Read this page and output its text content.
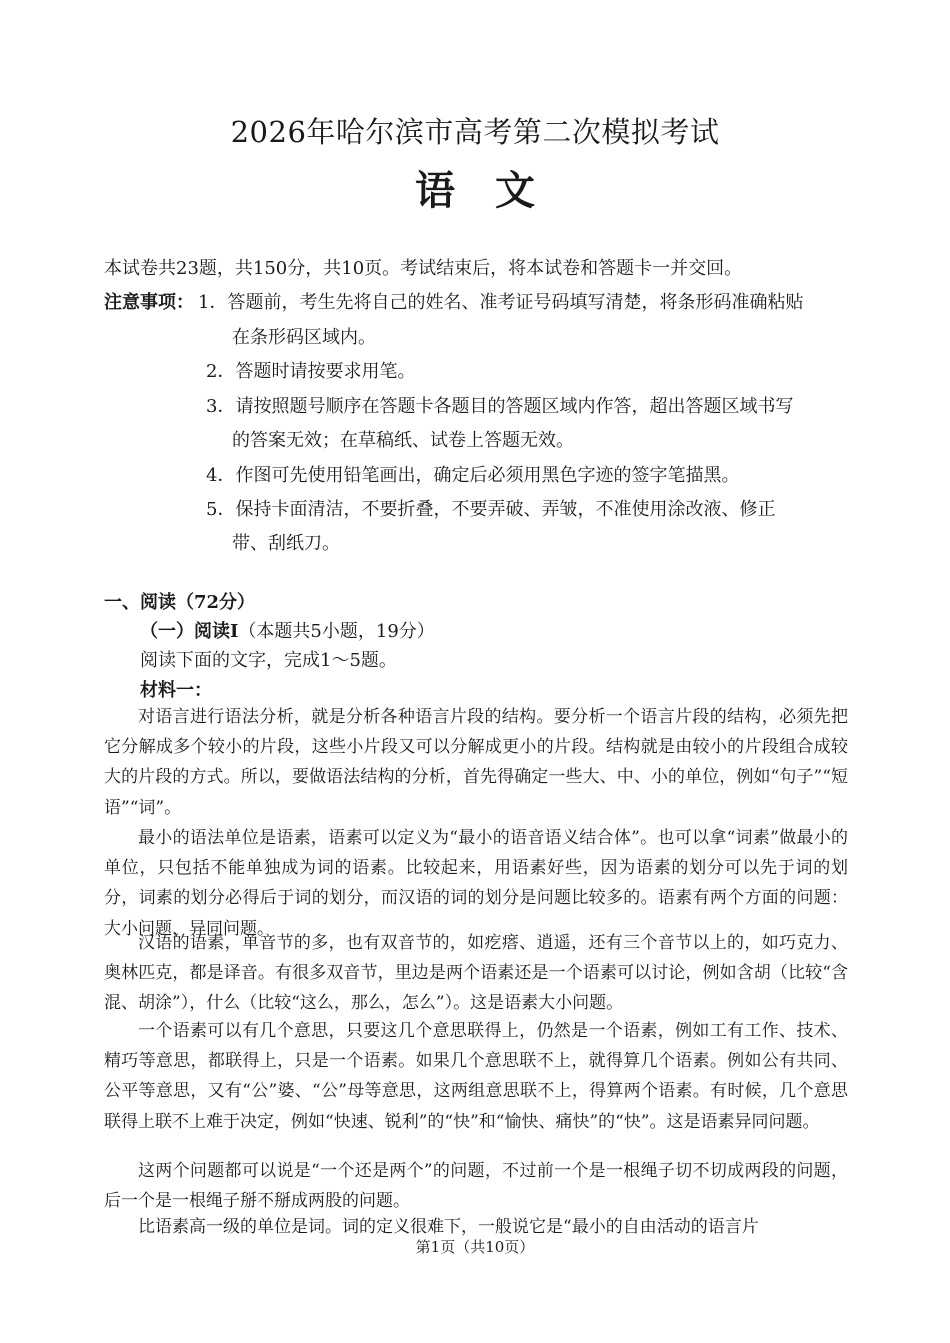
2026年哈尔滨市高考第二次模拟考试
语文
本试卷共23题，共150分，共10页。考试结束后，将本试卷和答题卡一并交回。
注意事项： 1．答题前，考生先将自己的姓名、准考证号码填写清楚，将条形码准确粘贴
在条形码区域内。
2．答题时请按要求用笔。
3．请按照题号顺序在答题卡各题目的答题区域内作答，超出答题区域书写
的答案无效；在草稿纸、试卷上答题无效。
4．作图可先使用铅笔画出，确定后必须用黑色字迹的签字笔描黑。
5．保持卡面清洁，不要折叠，不要弄破、弄皱，不准使用涂改液、修正
带、刮纸刀。
一、阅读（72分）
（一）阅读Ⅰ（本题共5小题，19分）
阅读下面的文字，完成1～5题。
材料一：

对语言进行语法分析，就是分析各种语言片段的结构。要分析一个语言片段的结构，必须先把它分解成多个较小的片段，这些小片段又可以分解成更小的片段。结构就是由较小的片段组合成较大的片段的方式。所以，要做语法结构的分析，首先得确定一些大、中、小的单位，例如“句子”“短语”“词”。

最小的语法单位是语素，语素可以定义为“最小的语音语义结合体”。也可以拿“词素”做最小的单位，只包括不能单独成为词的语素。比较起来，用语素好些，因为语素的划分可以先于词的划分，词素的划分必得后于词的划分，而汉语的词的划分是问题比较多的。语素有两个方面的问题：大小问题，异同问题。

汉语的语素，单音节的多，也有双音节的，如疙瘩、逍遥，还有三个音节以上的，如巧克力、奥林匹克，都是译音。有很多双音节，里边是两个语素还是一个语素可以讨论，例如含胡（比较“含混、胡涂”），什么（比较“这么，那么，怎么”）。这是语素大小问题。

一个语素可以有几个意思，只要这几个意思联得上，仍然是一个语素，例如工有工作、技术、精巧等意思，都联得上，只是一个语素。如果几个意思联不上，就得算几个语素。例如公有共同、公平等意思，又有“公”婆、“公”母等意思，这两组意思联不上，得算两个语素。有时候，几个意思联得上联不上难于决定，例如“快速、锐利”的“快”和“愉快、痛快”的“快”。这是语素异同问题。

这两个问题都可以说是“一个还是两个”的问题，不过前一个是一根绳子切不切成两段的问题，后一个是一根绳子掰不掰成两股的问题。

比语素高一级的单位是词。词的定义很难下，一般说它是“最小的自由活动的语言片

第1页（共10页）
